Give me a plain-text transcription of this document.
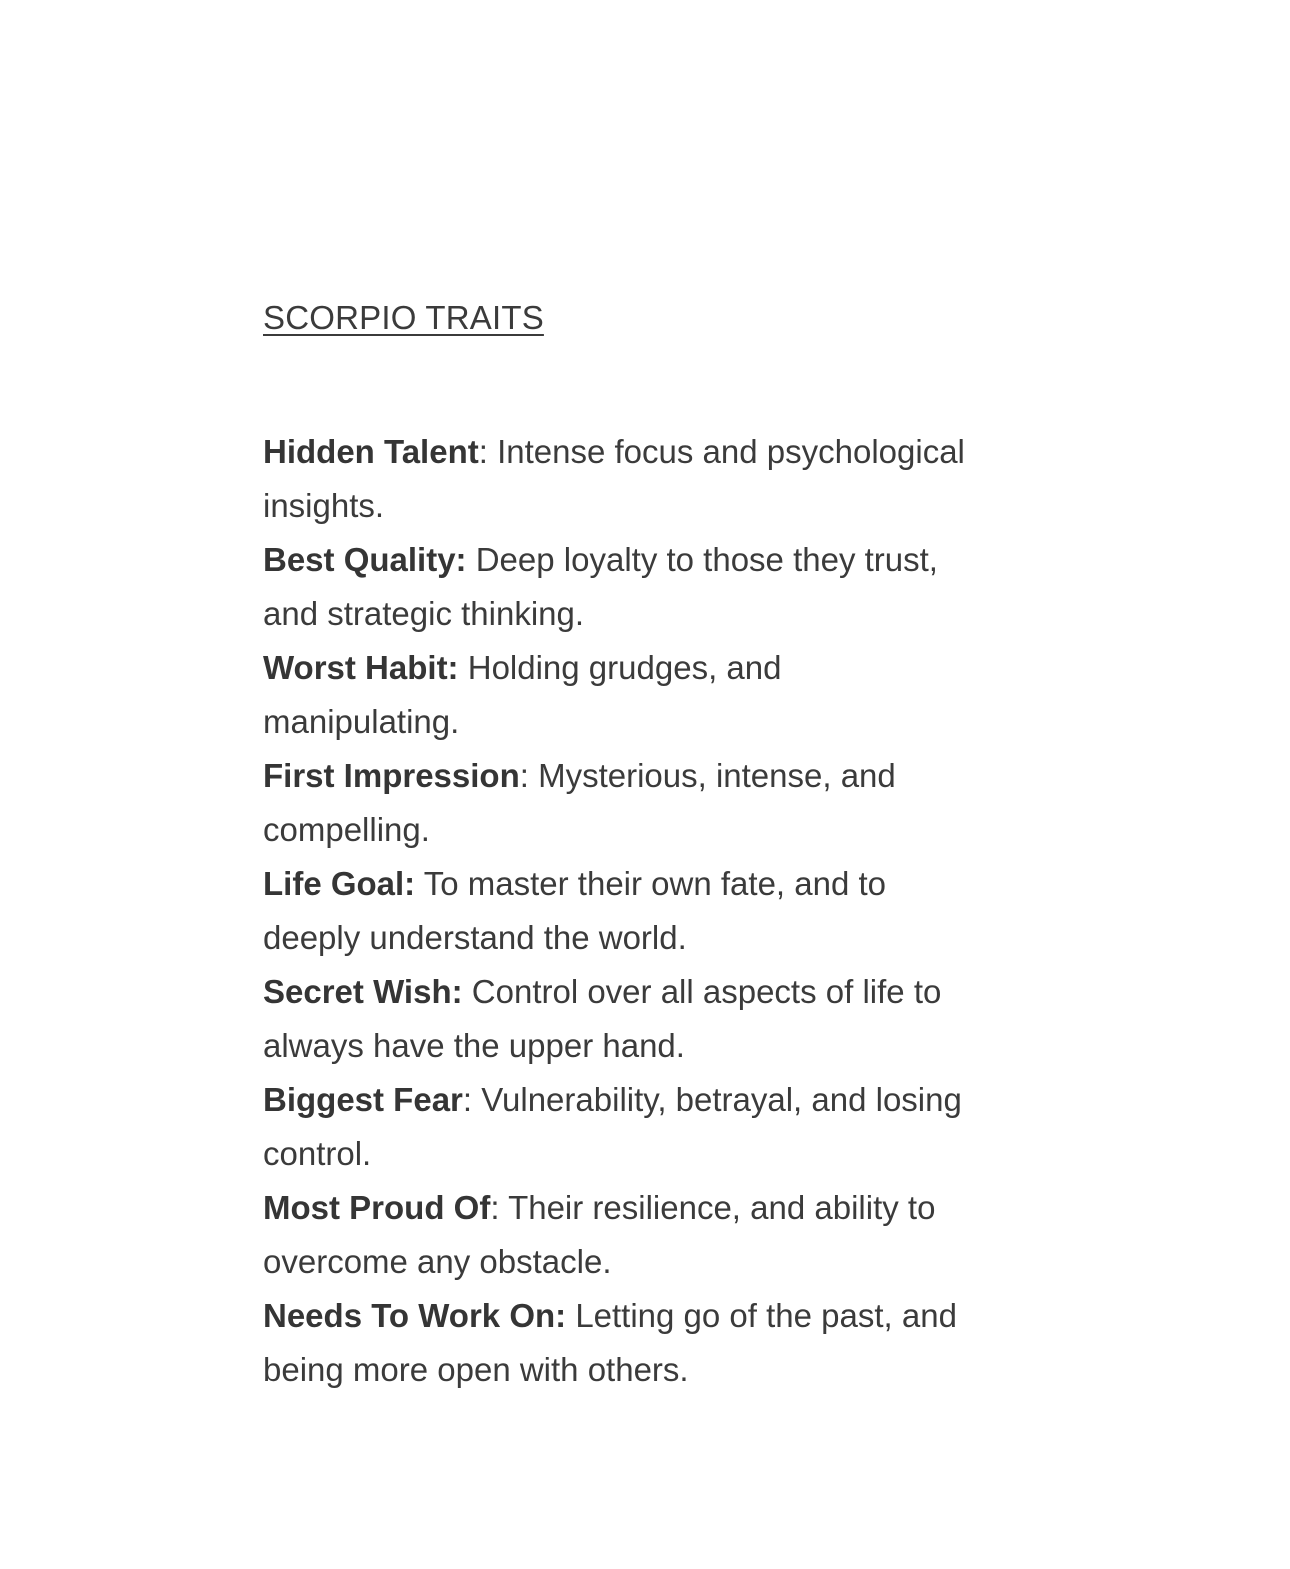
SCORPIO TRAITS

Hidden Talent: Intense focus and psychological insights.

Best Quality: Deep loyalty to those they trust, and strategic thinking.

Worst Habit: Holding grudges, and manipulating.

First Impression: Mysterious, intense, and compelling.

Life Goal: To master their own fate, and to deeply understand the world.

Secret Wish: Control over all aspects of life to always have the upper hand.

Biggest Fear: Vulnerability, betrayal, and losing control.

Most Proud Of: Their resilience, and ability to overcome any obstacle.

Needs To Work On: Letting go of the past, and being more open with others.
